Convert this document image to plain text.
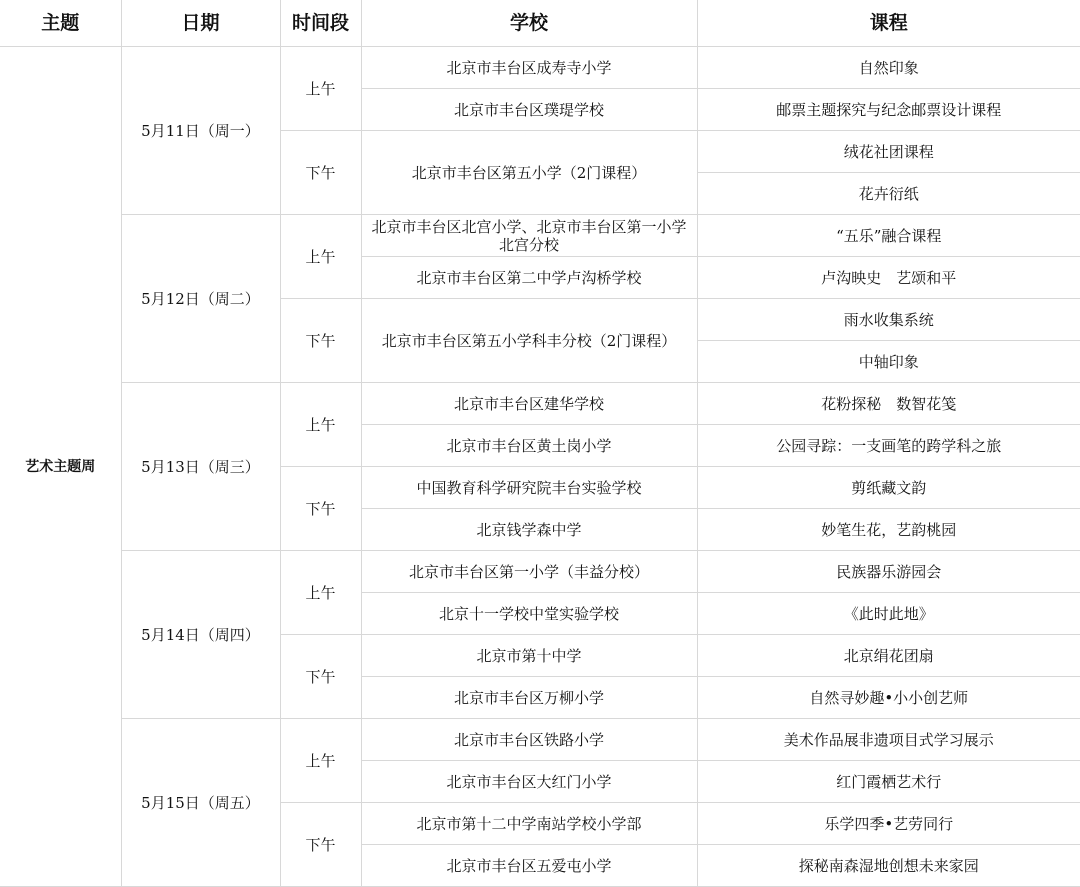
主题	日期	时间段	学校	课程
艺术主题周	5月11日（周一）	上午	北京市丰台区成寿寺小学	自然印象
			北京市丰台区璞瑅学校	邮票主题探究与纪念邮票设计课程
		下午	北京市丰台区第五小学（2门课程）	绒花社团课程
				花卉衍纸
	5月12日（周二）	上午	北京市丰台区北宫小学、北京市丰台区第一小学北宫分校	“五乐”融合课程
			北京市丰台区第二中学卢沟桥学校	卢沟映史　艺颂和平
		下午	北京市丰台区第五小学科丰分校（2门课程）	雨水收集系统
				中轴印象
	5月13日（周三）	上午	北京市丰台区建华学校	花粉探秘　数智花笺
			北京市丰台区黄土岗小学	公园寻踪：一支画笔的跨学科之旅
		下午	中国教育科学研究院丰台实验学校	剪纸藏文韵
			北京钱学森中学	妙笔生花，艺韵桃园
	5月14日（周四）	上午	北京市丰台区第一小学（丰益分校）	民族器乐游园会
			北京十一学校中堂实验学校	《此时此地》
		下午	北京市第十中学	北京绢花团扇
			北京市丰台区万柳小学	自然寻妙趣•小小创艺师
	5月15日（周五）	上午	北京市丰台区铁路小学	美术作品展非遗项目式学习展示
			北京市丰台区大红门小学	红门霞栖艺术行
		下午	北京市第十二中学南站学校小学部	乐学四季•艺劳同行
			北京市丰台区五爱屯小学	探秘南森湿地创想未来家园
